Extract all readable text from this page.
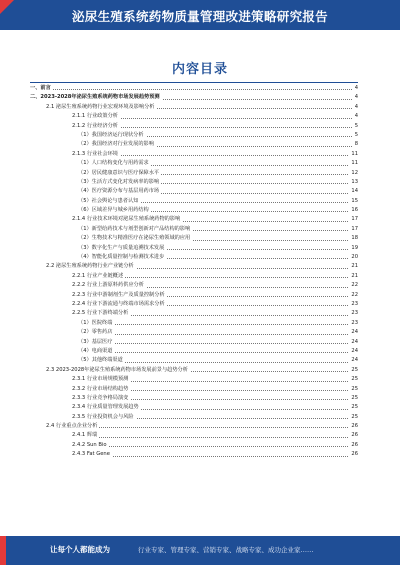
泌尿生殖系统药物质量管理改进策略研究报告
内容目录
一、前言	4
二、2023-2028年泌尿生殖系统药物市场发展趋势预测	4
2.1 泌尿生殖系统药物行业宏观环境及影响分析	4
2.1.1 行业政策分析	4
2.1.2 行业经济分析	5
（1）我国经济运行现状分析	5
（2）我国经济对行业发展的影响	8
2.1.3 行业社会环境	11
（1）人口结构变化与用药需求	11
（2）居民健康意识与医疗保障水平	12
（3）生活方式变化对发病率的影响	13
（4）医疗资源分布与基层用药市场	14
（5）社会舆论与患者认知	15
（6）区域差异与城乡用药结构	16
2.1.4 行业技术环境对泌尿生殖系统药物的影响	17
（1）新型给药技术与剂型创新对产品结构的影响	17
（2）生物技术与精准医疗在泌尿生殖领域的应用	18
（3）数字化生产与质量追溯技术发展	19
（4）智能化质量控制与检测技术进步	20
2.2 泌尿生殖系统药物行业产业链分析	21
2.2.1 行业产业链概述	21
2.2.2 行业上游原料药供应分析	22
2.2.3 行业中游制剂生产及质量控制分析	22
2.2.4 行业下游流通与终端市场需求分析	23
2.2.5 行业下游终端分析	23
（1）医院终端	23
（2）零售药店	24
（3）基层医疗	24
（4）电商渠道	24
（5）其他终端渠道	24
2.3 2023-2028年泌尿生殖系统药物市场发展前景与趋势分析	25
2.3.1 行业市场规模预测	25
2.3.2 行业市场结构趋势	25
2.3.3 行业竞争格局演变	25
2.3.4 行业质量管理发展趋势	25
2.3.5 行业投资机会与风险	25
2.4 行业重点企业分析	26
2.4.1 辉瑞	26
2.4.2 Sun Bio	26
2.4.3 Fat Gene	26
让每个人都能成为	行业专家、管理专家、营销专家、战略专家、成功企业家……
